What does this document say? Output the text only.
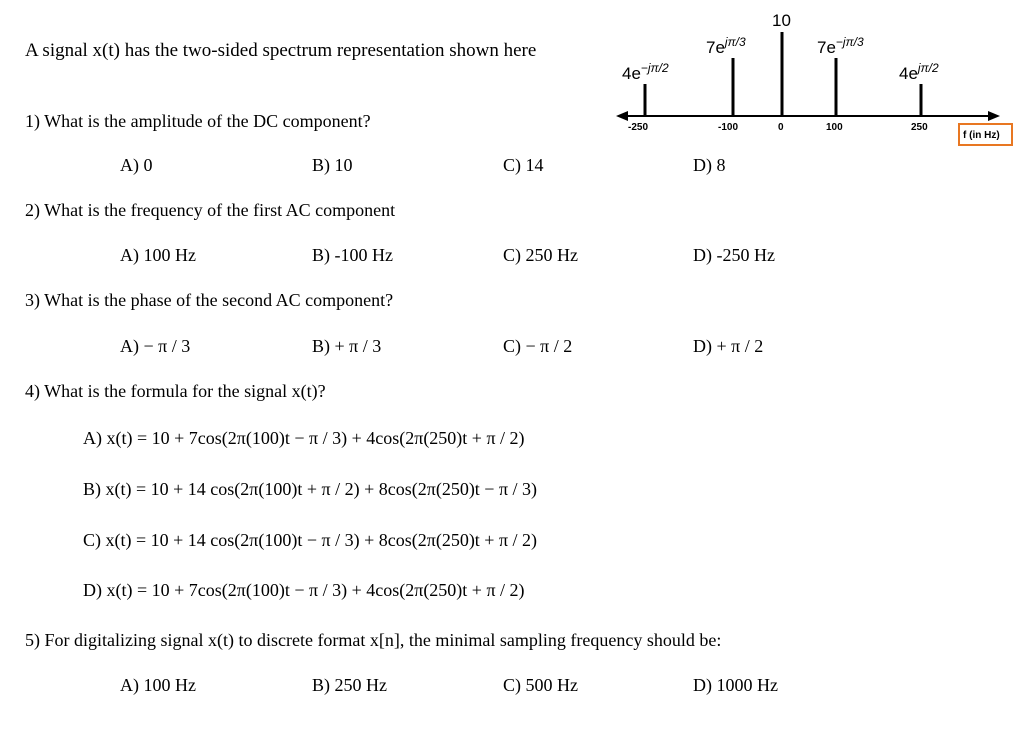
A signal x(t) has the two-sided spectrum representation shown here
-250	-100	0	100	250
f (in Hz)
$4e^{-j\pi/2}$
$7e^{j\pi/3}$
10
$7e^{-j\pi/3}$
$4e^{j\pi/2}$
1) What is the amplitude of the DC component?
A) 0	B) 10	C) 14	D) 8
2) What is the frequency of the first AC component
A) 100 Hz	B) -100 Hz	C) 250 Hz	D) -250 Hz
3) What is the phase of the second AC component?
A) − π / 3	B) + π / 3	C) − π / 2	D) + π / 2
4) What is the formula for the signal x(t)?
A) x(t) = 10 + 7cos(2π(100)t − π / 3) + 4cos(2π(250)t + π / 2)
B) x(t) = 10 + 14 cos(2π(100)t + π / 2) + 8cos(2π(250)t − π / 3)
C) x(t) = 10 + 14 cos(2π(100)t − π / 3) + 8cos(2π(250)t + π / 2)
D) x(t) = 10 + 7cos(2π(100)t − π / 3) + 4cos(2π(250)t + π / 2)
5) For digitalizing signal x(t) to discrete format x[n], the minimal sampling frequency should be:
A) 100 Hz	B) 250 Hz	C) 500 Hz	D) 1000 Hz
